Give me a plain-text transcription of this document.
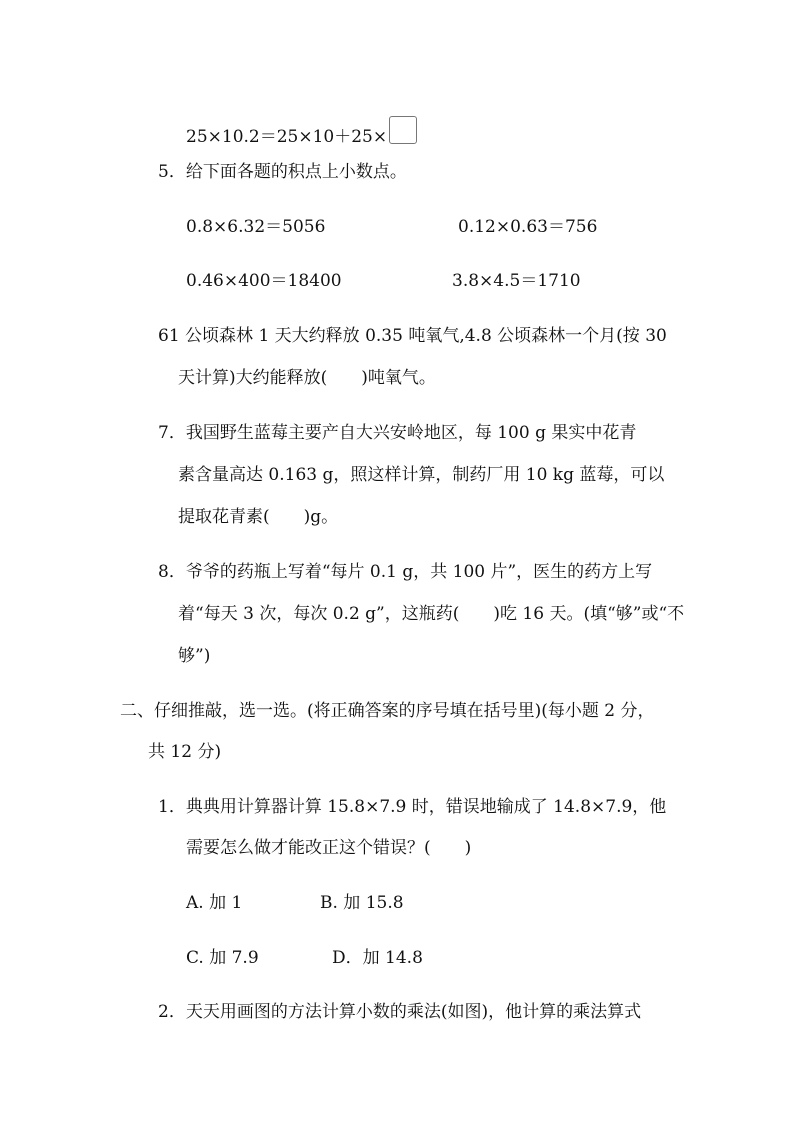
25×10.2＝25×10＋25×
5．给下面各题的积点上小数点。
0.8×6.32＝5056	0.12×0.63＝756
0.46×400＝18400	3.8×4.5＝1710
61 公顷森林 1 天大约释放 0.35 吨氧气,4.8 公顷森林一个月(按 30
天计算)大约能释放( )吨氧气。
7．我国野生蓝莓主要产自大兴安岭地区，每 100 g 果实中花青
素含量高达 0.163 g，照这样计算，制药厂用 10 kg 蓝莓，可以
提取花青素( )g。
8．爷爷的药瓶上写着“每片 0.1 g，共 100 片”，医生的药方上写
着“每天 3 次，每次 0.2 g”，这瓶药( )吃 16 天。(填“够”或“不
够”)
二、仔细推敲，选一选。(将正确答案的序号填在括号里)(每小题 2 分，
共 12 分)
1．典典用计算器计算 15.8×7.9 时，错误地输成了 14.8×7.9，他
需要怎么做才能改正这个错误？( )
A. 加 1	B. 加 15.8
C. 加 7.9	D．加 14.8
2．天天用画图的方法计算小数的乘法(如图)，他计算的乘法算式
